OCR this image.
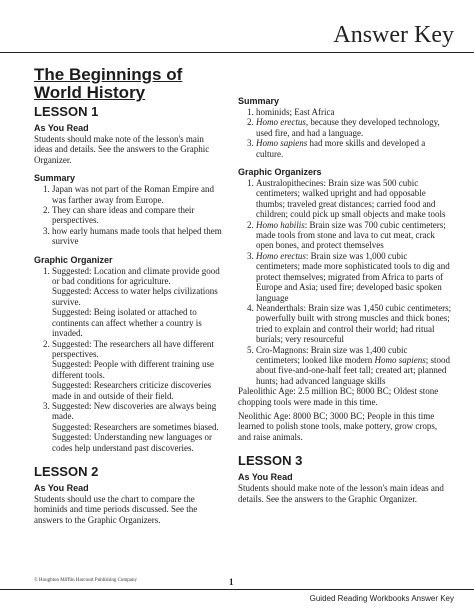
Answer Key
The Beginnings of World History
LESSON 1
As You Read

Students should make note of the lesson's main ideas and details. See the answers to the Graphic Organizer.

Summary
1. Japan was not part of the Roman Empire and was farther away from Europe.
2. They can share ideas and compare their perspectives.
3. how early humans made tools that helped them survive
Graphic Organizer
1. Suggested: Location and climate provide good or bad conditions for agriculture.
Suggested: Access to water helps civilizations survive.
Suggested: Being isolated or attached to continents can affect whether a country is invaded.
2. Suggested: The researchers all have different perspectives.
Suggested: People with different training use different tools.
Suggested: Researchers criticize discoveries made in and outside of their field.
3. Suggested: New discoveries are always being made.
Suggested: Researchers are sometimes biased.
Suggested: Understanding new languages or codes help understand past discoveries.
LESSON 2
As You Read

Students should use the chart to compare the hominids and time periods discussed. See the answers to the Graphic Organizers.

Summary
1. hominids; East Africa
2. Homo erectus, because they developed technology, used fire, and had a language.
3. Homo sapiens had more skills and developed a culture.
Graphic Organizers
1. Australopithecines: Brain size was 500 cubic centimeters; walked upright and had opposable thumbs; traveled great distances; carried food and children; could pick up small objects and make tools
2. Homo habilis: Brain size was 700 cubic centimeters; made tools from stone and lava to cut meat, crack open bones, and protect themselves
3. Homo erectus: Brain size was 1,000 cubic centimeters; made more sophisticated tools to dig and protect themselves; migrated from Africa to parts of Europe and Asia; used fire; developed basic spoken language
4. Neanderthals: Brain size was 1,450 cubic centimeters; powerfully built with strong muscles and thick bones; tried to explain and control their world; had ritual burials; very resourceful
5. Cro-Magnons: Brain size was 1,400 cubic centimeters; looked like modern Homo sapiens; stood about five-and-one-half feet tall; created art; planned hunts; had advanced language skills

Paleolithic Age: 2.5 million BC; 8000 BC; Oldest stone chopping tools were made in this time.

Neolithic Age: 8000 BC; 3000 BC; People in this time learned to polish stone tools, make pottery, grow crops, and raise animals.

LESSON 3
As You Read

Students should make note of the lesson's main ideas and details. See the answers to the Graphic Organizer.

© Houghton Mifflin Harcourt Publishing Company	1
Guided Reading Workbooks Answer Key
